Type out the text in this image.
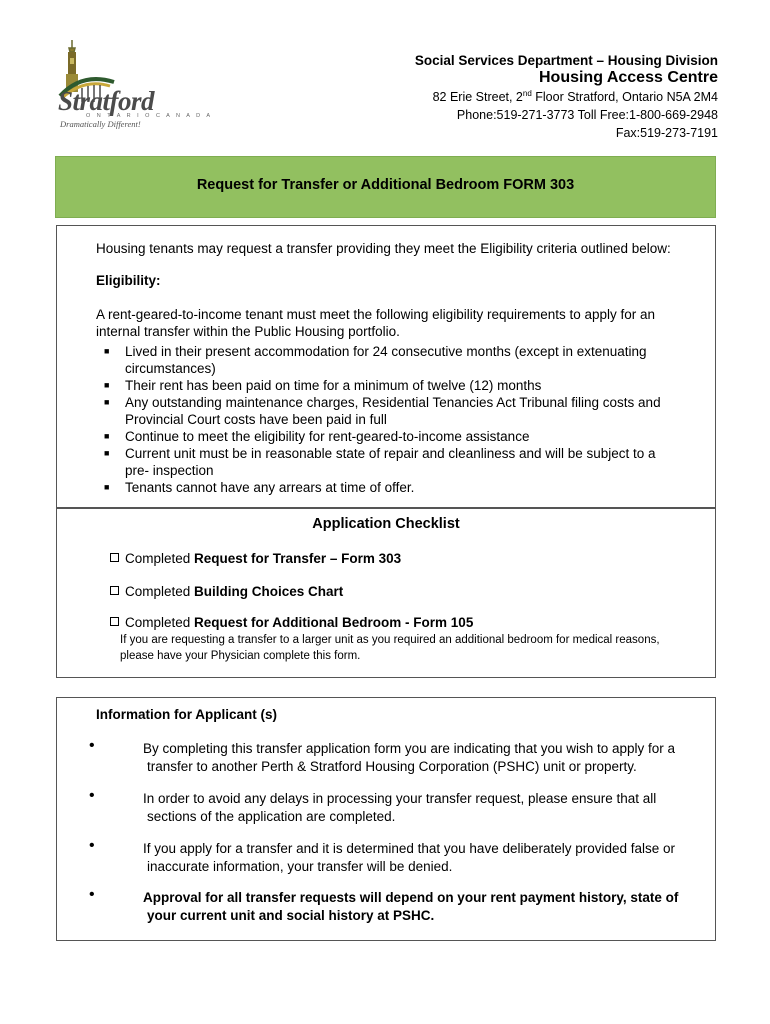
Stratford
O N T A R I O C A N A D A
Dramatically Different!
Social Services Department – Housing Division
Housing Access Centre
82 Erie Street, 2nd Floor Stratford, Ontario N5A 2M4
Phone:519-271-3773 Toll Free:1-800-669-2948
Fax:519-273-7191
Request for Transfer or Additional Bedroom FORM 303
Housing tenants may request a transfer providing they meet the Eligibility criteria outlined below:
Eligibility:
A rent-geared-to-income tenant must meet the following eligibility requirements to apply for an
internal transfer within the Public Housing portfolio.
■ Lived in their present accommodation for 24 consecutive months (except in extenuating
circumstances)
■ Their rent has been paid on time for a minimum of twelve (12) months
■ Any outstanding maintenance charges, Residential Tenancies Act Tribunal filing costs and
Provincial Court costs have been paid in full
■ Continue to meet the eligibility for rent-geared-to-income assistance
■ Current unit must be in reasonable state of repair and cleanliness and will be subject to a
pre- inspection
■ Tenants cannot have any arrears at time of offer.
Application Checklist
Completed Request for Transfer – Form 303
Completed Building Choices Chart
Completed Request for Additional Bedroom - Form 105
If you are requesting a transfer to a larger unit as you required an additional bedroom for medical reasons,
please have your Physician complete this form.
Information for Applicant (s)
•	By completing this transfer application form you are indicating that you wish to apply for a
transfer to another Perth & Stratford Housing Corporation (PSHC) unit or property.
•	In order to avoid any delays in processing your transfer request, please ensure that all
sections of the application are completed.
•	If you apply for a transfer and it is determined that you have deliberately provided false or
inaccurate information, your transfer will be denied.
•	Approval for all transfer requests will depend on your rent payment history, state of
your current unit and social history at PSHC.
